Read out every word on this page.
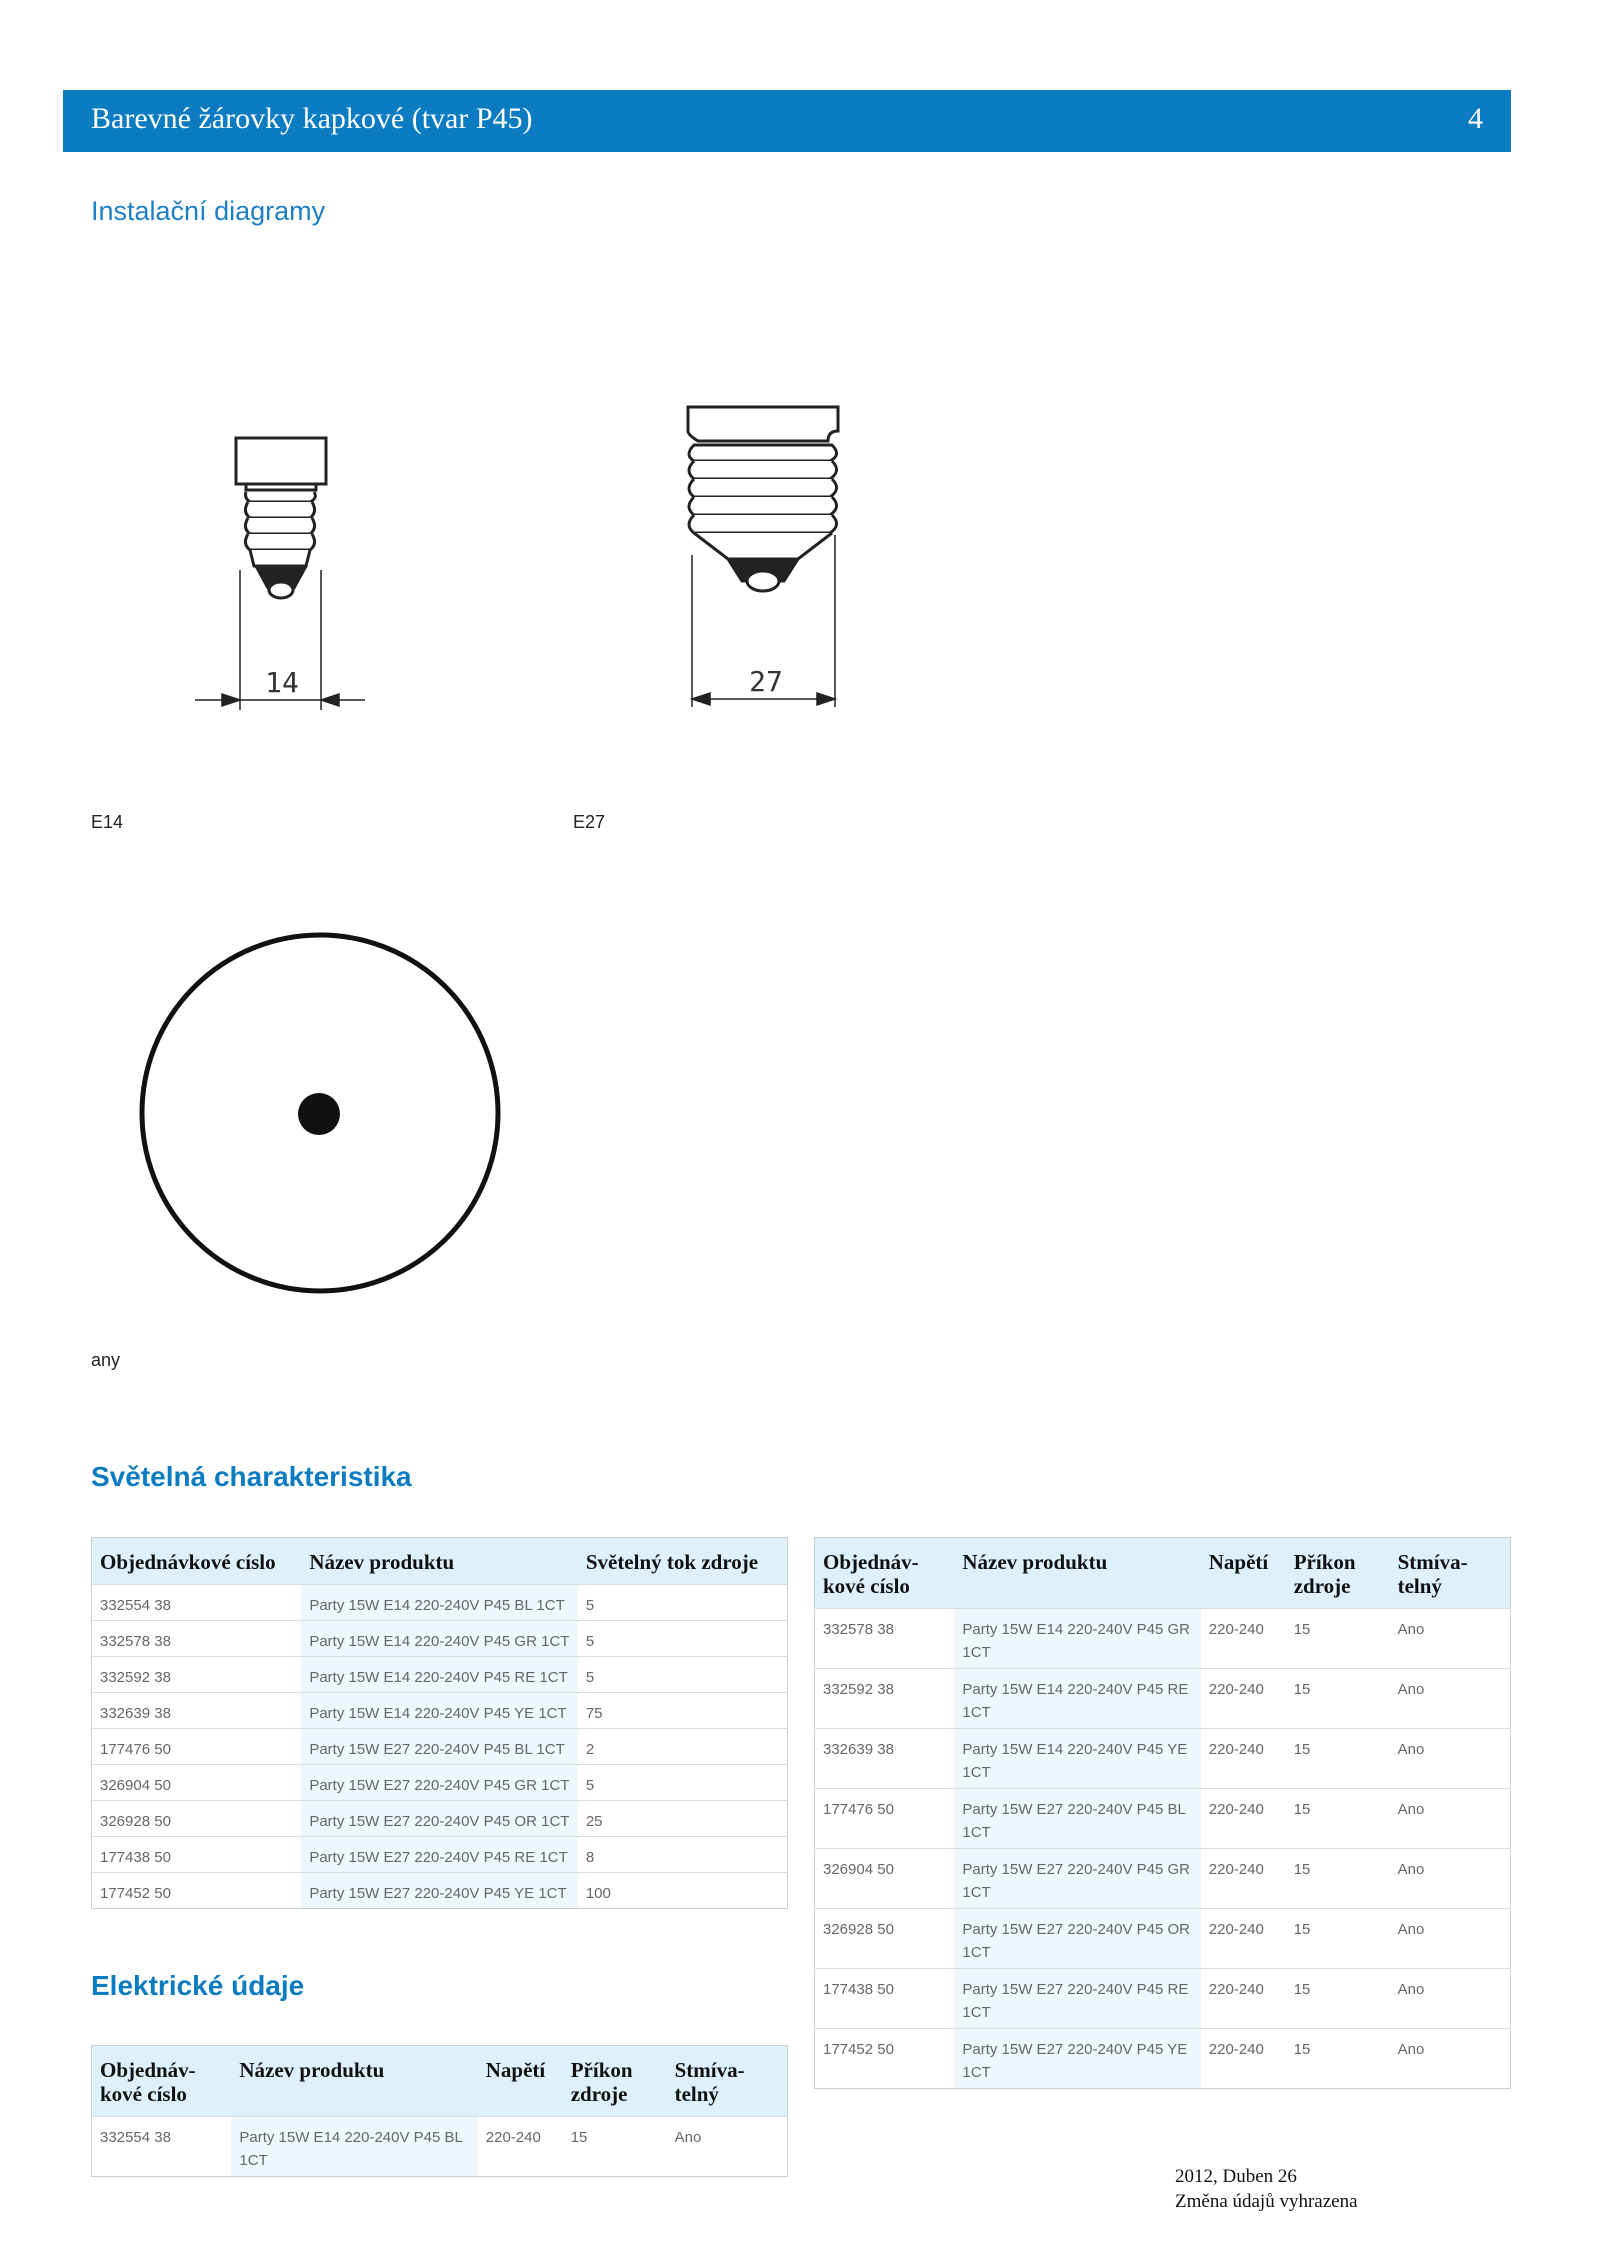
Barevné žárovky kapkové (tvar P45)	4
Instalační diagramy
14
E14
27
E27
any
Světelná charakteristika
Objednávkové císlo	Název produktu	Světelný tok zdroje
332554 38	Party 15W E14 220-240V P45 BL 1CT	5
332578 38	Party 15W E14 220-240V P45 GR 1CT	5
332592 38	Party 15W E14 220-240V P45 RE 1CT	5
332639 38	Party 15W E14 220-240V P45 YE 1CT	75
177476 50	Party 15W E27 220-240V P45 BL 1CT	2
326904 50	Party 15W E27 220-240V P45 GR 1CT	5
326928 50	Party 15W E27 220-240V P45 OR 1CT	25
177438 50	Party 15W E27 220-240V P45 RE 1CT	8
177452 50	Party 15W E27 220-240V P45 YE 1CT	100
Elektrické údaje
Objednáv-kové císlo	Název produktu	Napětí	Příkon zdroje	Stmíva-telný
332554 38	Party 15W E14 220-240V P45 BL 1CT	220-240	15	Ano
Objednáv-kové císlo	Název produktu	Napětí	Příkon zdroje	Stmíva-telný
332578 38	Party 15W E14 220-240V P45 GR 1CT	220-240	15	Ano
332592 38	Party 15W E14 220-240V P45 RE 1CT	220-240	15	Ano
332639 38	Party 15W E14 220-240V P45 YE 1CT	220-240	15	Ano
177476 50	Party 15W E27 220-240V P45 BL 1CT	220-240	15	Ano
326904 50	Party 15W E27 220-240V P45 GR 1CT	220-240	15	Ano
326928 50	Party 15W E27 220-240V P45 OR 1CT	220-240	15	Ano
177438 50	Party 15W E27 220-240V P45 RE 1CT	220-240	15	Ano
177452 50	Party 15W E27 220-240V P45 YE 1CT	220-240	15	Ano
2012, Duben 26
Změna údajů vyhrazena
